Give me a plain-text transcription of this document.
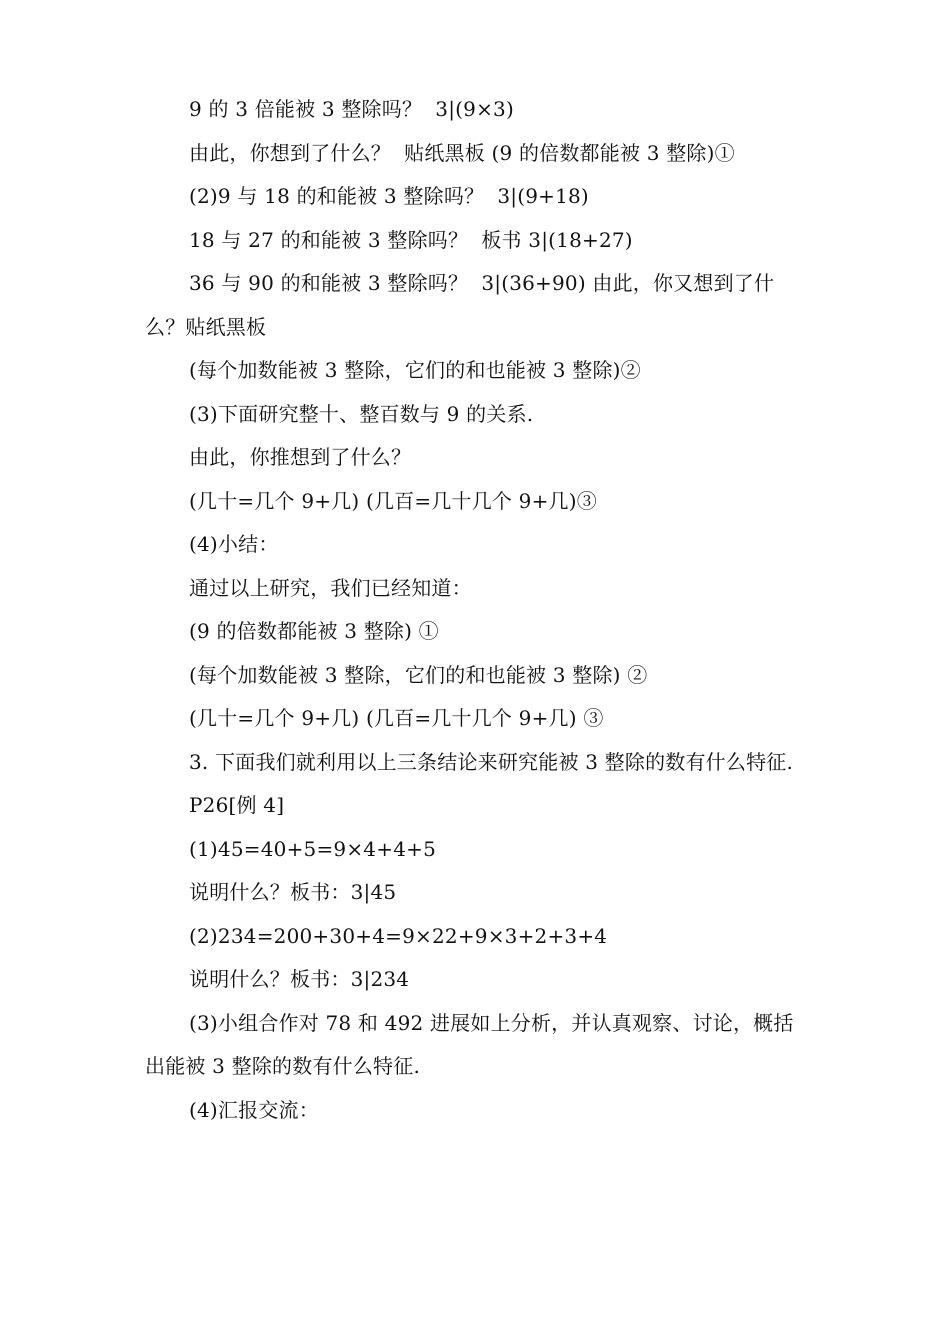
9 的 3 倍能被 3 整除吗？  3|(9×3)

由此，你想到了什么？  贴纸黑板 (9 的倍数都能被 3 整除)①

(2)9 与 18 的和能被 3 整除吗？  3|(9+18)

18 与 27 的和能被 3 整除吗？  板书 3|(18+27)

36 与 90 的和能被 3 整除吗？  3|(36+90) 由此，你又想到了什么？贴纸黑板

(每个加数能被 3 整除，它们的和也能被 3 整除)②

(3)下面研究整十、整百数与 9 的关系.

由此，你推想到了什么？

(几十=几个 9+几) (几百=几十几个 9+几)③

(4)小结：

通过以上研究，我们已经知道：

(9 的倍数都能被 3 整除) ①

(每个加数能被 3 整除，它们的和也能被 3 整除) ②

(几十=几个 9+几) (几百=几十几个 9+几) ③

3. 下面我们就利用以上三条结论来研究能被 3 整除的数有什么特征.

P26[例 4]

(1)45=40+5=9×4+4+5

说明什么？板书：3|45

(2)234=200+30+4=9×22+9×3+2+3+4

说明什么？板书：3|234

(3)小组合作对 78 和 492 进展如上分析，并认真观察、讨论，概括出能被 3 整除的数有什么特征.

(4)汇报交流：
